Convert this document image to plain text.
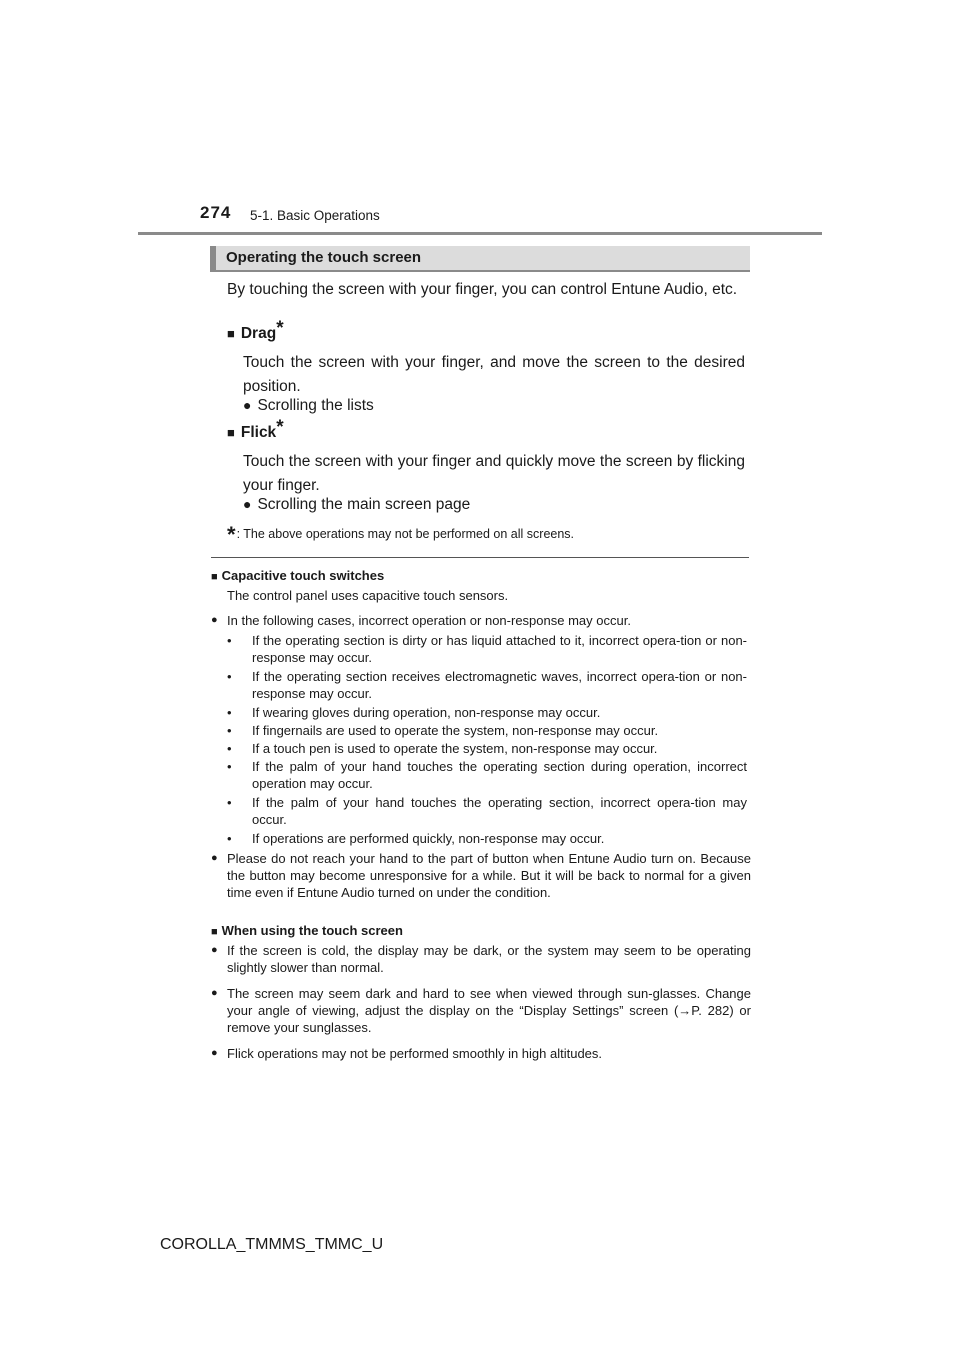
274 5-1. Basic Operations
Operating the touch screen
By touching the screen with your finger, you can control Entune Audio, etc.
■ Drag*
Touch the screen with your finger, and move the screen to the desired position.
● Scrolling the lists
■ Flick*
Touch the screen with your finger and quickly move the screen by flicking your finger.
● Scrolling the main screen page
*: The above operations may not be performed on all screens.
■ Capacitive touch switches
The control panel uses capacitive touch sensors.
● In the following cases, incorrect operation or non-response may occur.
• If the operating section is dirty or has liquid attached to it, incorrect opera-tion or non-response may occur.
• If the operating section receives electromagnetic waves, incorrect opera-tion or non-response may occur.
• If wearing gloves during operation, non-response may occur.
• If fingernails are used to operate the system, non-response may occur.
• If a touch pen is used to operate the system, non-response may occur.
• If the palm of your hand touches the operating section during operation, incorrect operation may occur.
• If the palm of your hand touches the operating section, incorrect opera-tion may occur.
• If operations are performed quickly, non-response may occur.
● Please do not reach your hand to the part of button when Entune Audio turn on. Because the button may become unresponsive for a while. But it will be back to normal for a given time even if Entune Audio turned on under the condition.
■ When using the touch screen
● If the screen is cold, the display may be dark, or the system may seem to be operating slightly slower than normal.
● The screen may seem dark and hard to see when viewed through sun-glasses. Change your angle of viewing, adjust the display on the “Display Settings” screen (→P. 282) or remove your sunglasses.
● Flick operations may not be performed smoothly in high altitudes.
COROLLA_TMMMS_TMMC_U
